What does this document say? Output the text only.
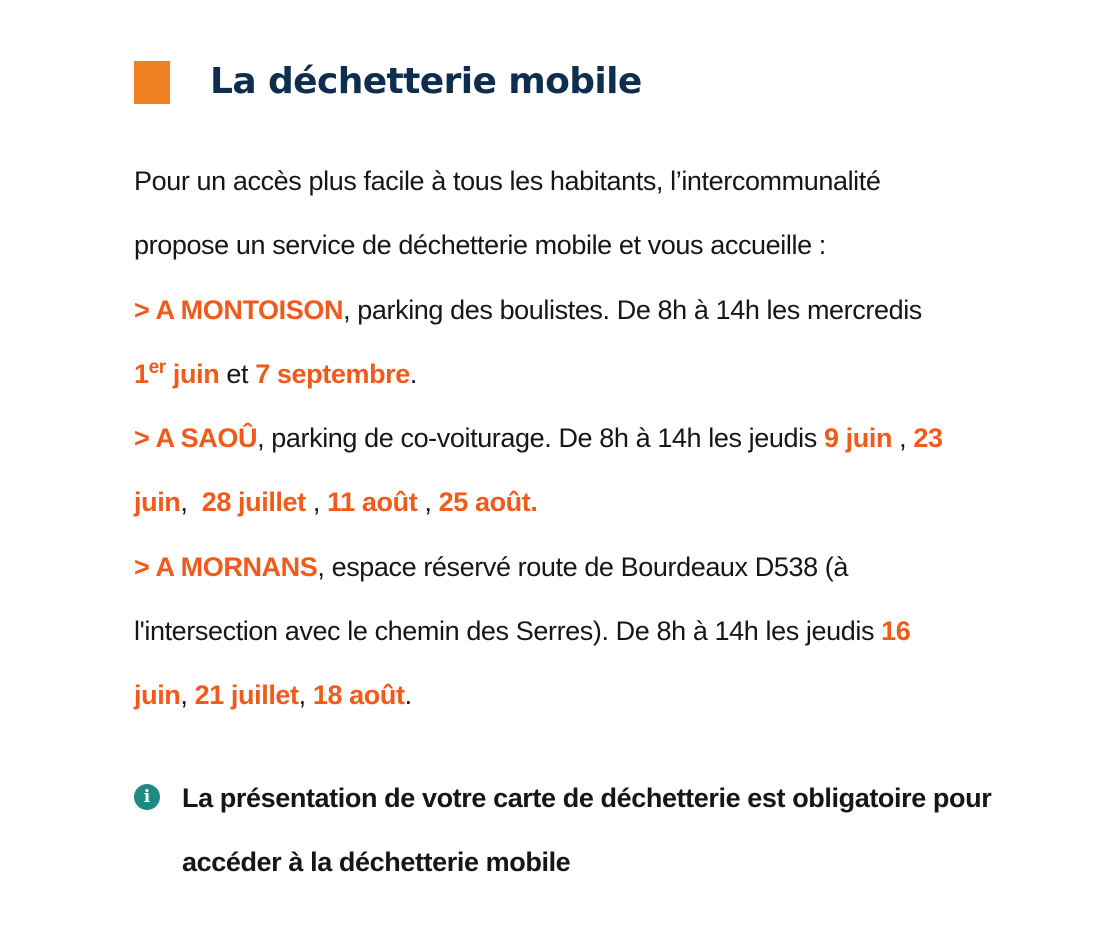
La déchetterie mobile
Pour un accès plus facile à tous les habitants, l’intercommunalité
propose un service de déchetterie mobile et vous accueille :
> A MONTOISON, parking des boulistes. De 8h à 14h les mercredis
1er juin et 7 septembre.
> A SAOÛ, parking de co-voiturage. De 8h à 14h les jeudis 9 juin , 23
juin,  28 juillet , 11 août , 25 août.
> A MORNANS, espace réservé route de Bourdeaux D538 (à
l'intersection avec le chemin des Serres). De 8h à 14h les jeudis 16
juin, 21 juillet, 18 août.
i	La présentation de votre carte de déchetterie est obligatoire pour accéder à la déchetterie mobile
